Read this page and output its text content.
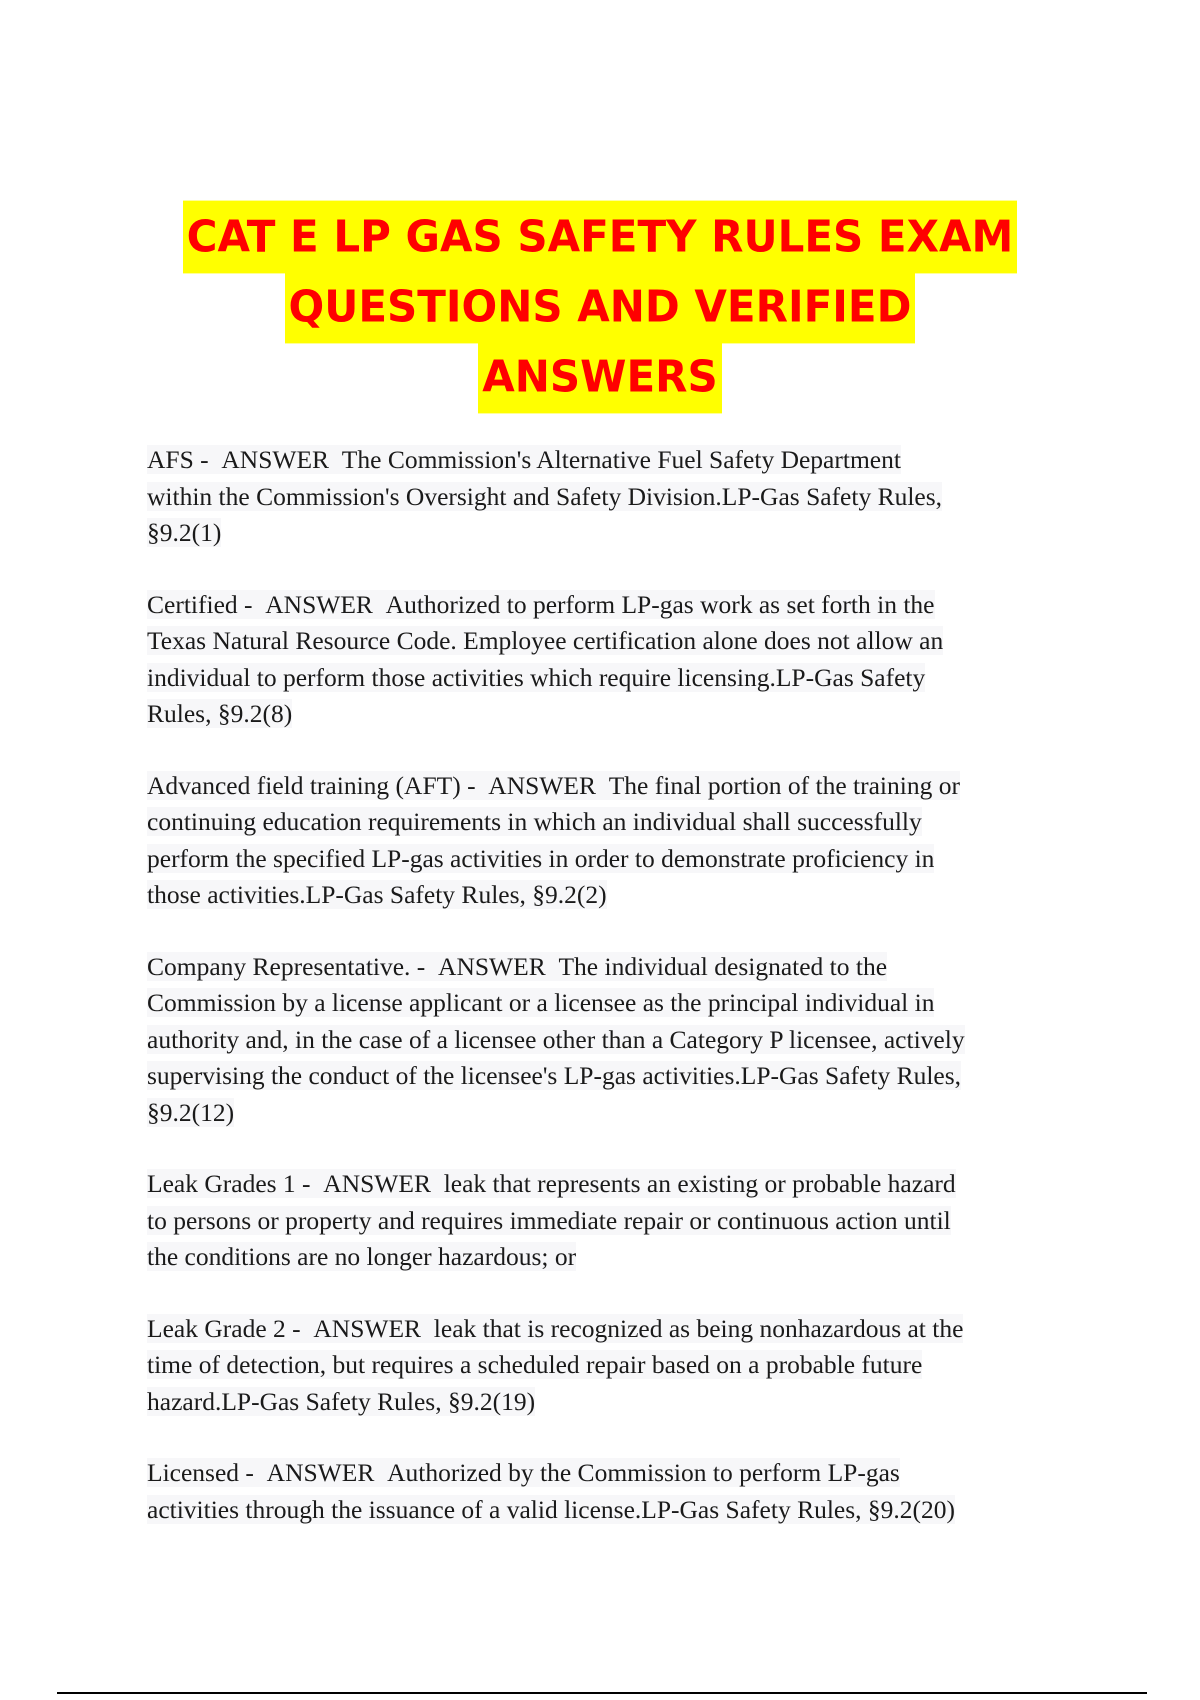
CAT E LP GAS SAFETY RULES EXAM
QUESTIONS AND VERIFIED
ANSWERS
AFS -  ANSWER  The Commission's Alternative Fuel Safety Department
within the Commission's Oversight and Safety Division.LP-Gas Safety Rules,
§9.2(1)
Certified -  ANSWER  Authorized to perform LP-gas work as set forth in the
Texas Natural Resource Code. Employee certification alone does not allow an
individual to perform those activities which require licensing.LP-Gas Safety
Rules, §9.2(8)
Advanced field training (AFT) -  ANSWER  The final portion of the training or
continuing education requirements in which an individual shall successfully
perform the specified LP-gas activities in order to demonstrate proficiency in
those activities.LP-Gas Safety Rules, §9.2(2)
Company Representative. -  ANSWER  The individual designated to the
Commission by a license applicant or a licensee as the principal individual in
authority and, in the case of a licensee other than a Category P licensee, actively
supervising the conduct of the licensee's LP-gas activities.LP-Gas Safety Rules,
§9.2(12)
Leak Grades 1 -  ANSWER  leak that represents an existing or probable hazard
to persons or property and requires immediate repair or continuous action until
the conditions are no longer hazardous; or
Leak Grade 2 -  ANSWER  leak that is recognized as being nonhazardous at the
time of detection, but requires a scheduled repair based on a probable future
hazard.LP-Gas Safety Rules, §9.2(19)
Licensed -  ANSWER  Authorized by the Commission to perform LP-gas
activities through the issuance of a valid license.LP-Gas Safety Rules, §9.2(20)
